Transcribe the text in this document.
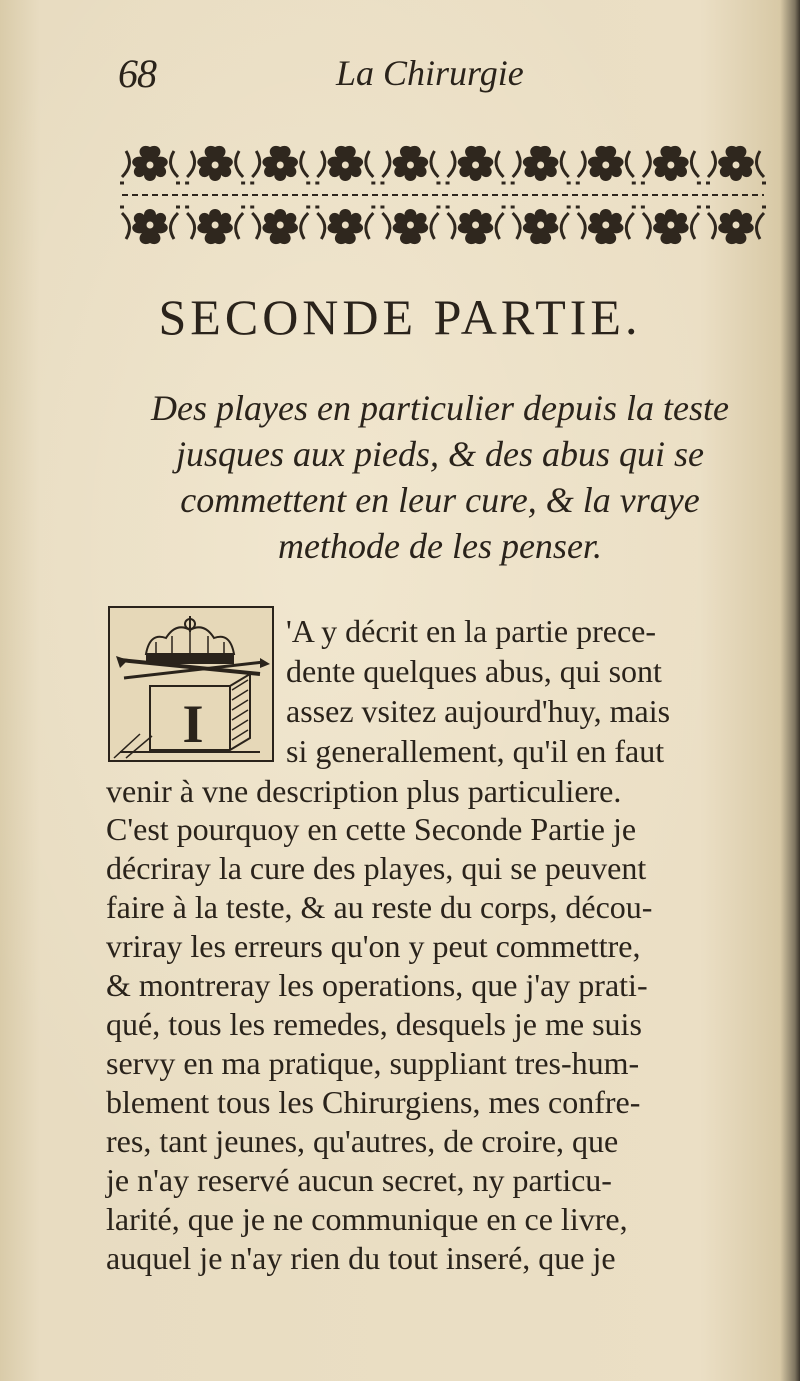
68	La Chirurgie
SECONDE PARTIE.
Des playes en particulier depuis la teste
jusques aux pieds, & des abus qui se
commettent en leur cure, & la vraye
methode de les penser.
I
'A y décrit en la partie prece-
dente quelques abus, qui sont
assez vsitez aujourd'huy, mais
si generallement, qu'il en faut
venir à vne description plus particuliere.
C'est pourquoy en cette Seconde Partie je
décriray la cure des playes, qui se peuvent
faire à la teste, & au reste du corps, décou-
vriray les erreurs qu'on y peut commettre,
& montreray les operations, que j'ay prati-
qué, tous les remedes, desquels je me suis
servy en ma pratique, suppliant tres-hum-
blement tous les Chirurgiens, mes confre-
res, tant jeunes, qu'autres, de croire, que
je n'ay reservé aucun secret, ny particu-
larité, que je ne communique en ce livre,
auquel je n'ay rien du tout inseré, que je
